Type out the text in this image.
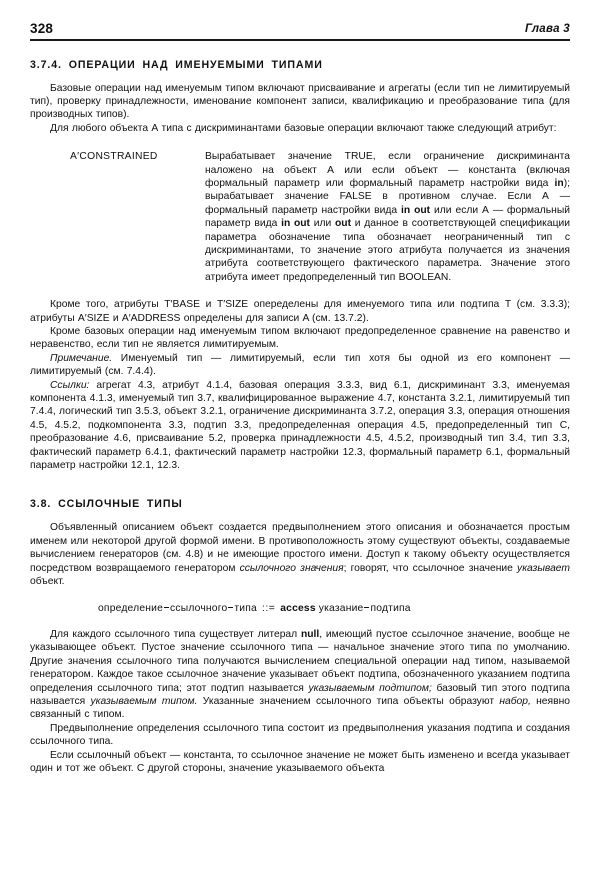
328	Глава 3
3.7.4. ОПЕРАЦИИ НАД ИМЕНУЕМЫМИ ТИПАМИ

Базовые операции над именуемым типом включают присваивание и агрегаты (если тип не лимитируемый тип), проверку принадлежности, именование компонент записи, квалификацию и преобразование типа (для производных типов).

Для любого объекта А типа с дискриминантами базовые операции включают также следующий атрибут:

A′CONSTRAINED	Вырабатывает значение TRUE, если ограничение дискриминанта наложено на объект А или если объект — константа (включая формальный параметр или формальный параметр настройки вида in); вырабатывает значение FALSE в противном случае. Если А — формальный параметр настройки вида in out или если А — формальный параметр вида in out или out и данное в соответствующей спецификации параметра обозначение типа обозначает неограниченный тип с дискриминантами, то значение этого атрибута получается из значения атрибута соответствующего фактического параметра. Значение этого атрибута имеет предопределенный тип BOOLEAN.

Кроме того, атрибуты T′BASE и T′SIZE опеределены для именуемого типа или подтипа T (см. 3.3.3); атрибуты A′SIZE и A′ADDRESS определены для записи A (см. 13.7.2).

Кроме базовых операции над именуемым типом включают предопределенное сравнение на равенство и неравенство, если тип не является лимитируемым.

Примечание. Именуемый тип — лимитируемый, если тип хотя бы одной из его компонент — лимитируемый (см. 7.4.4).

Ссылки: агрегат 4.3, атрибут 4.1.4, базовая операция 3.3.3, вид 6.1, дискриминант 3.3, именуемая компонента 4.1.3, именуемый тип 3.7, квалифицированное выражение 4.7, константа 3.2.1, лимитируемый тип 7.4.4, логический тип 3.5.3, объект 3.2.1, ограничение дискриминанта 3.7.2, операция 3.3, операция отношения 4.5, 4.5.2, подкомпонента 3.3, подтип 3.3, предопределенная операция 4.5, предопределенный тип С, преобразование 4.6, присваивание 5.2, проверка принадлежности 4.5, 4.5.2, производный тип 3.4, тип 3.3, фактический параметр 6.4.1, фактический параметр настройки 12.3, формальный параметр 6.1, формальный параметр настройки 12.1, 12.3.

3.8. ССЫЛОЧНЫЕ ТИПЫ

Объявленный описанием объект создается предвыполнением этого описания и обозначается простым именем или некоторой другой формой имени. В противоположность этому существуют объекты, создаваемые вычислением генераторов (см. 4.8) и не имеющие простого имени. Доступ к такому объекту осуществляется посредством возвращаемого генератором ссылочного значения; говорят, что ссылочное значение указывает объект.

определение ссылочного типа ::= access указание подтипа

Для каждого ссылочного типа существует литерал null, имеющий пустое ссылочное значение, вообще не указывающее объект. Пустое значение ссылочного типа — начальное значение этого типа по умолчанию. Другие значения ссылочного типа получаются вычислением специальной операции над типом, называемой генератором. Каждое такое ссылочное значение указывает объект подтипа, обозначенного указанием подтипа определения ссылочного типа; этот подтип называется указываемым подтипом; базовый тип этого подтипа называется указываемым типом. Указанные значением ссылочного типа объекты образуют набор, неявно связанный с типом.

Предвыполнение определения ссылочного типа состоит из предвыполнения указания подтипа и создания ссылочного типа.

Если ссылочный объект — константа, то ссылочное значение не может быть изменено и всегда указывает один и тот же объект. С другой стороны, значение указываемого объекта
